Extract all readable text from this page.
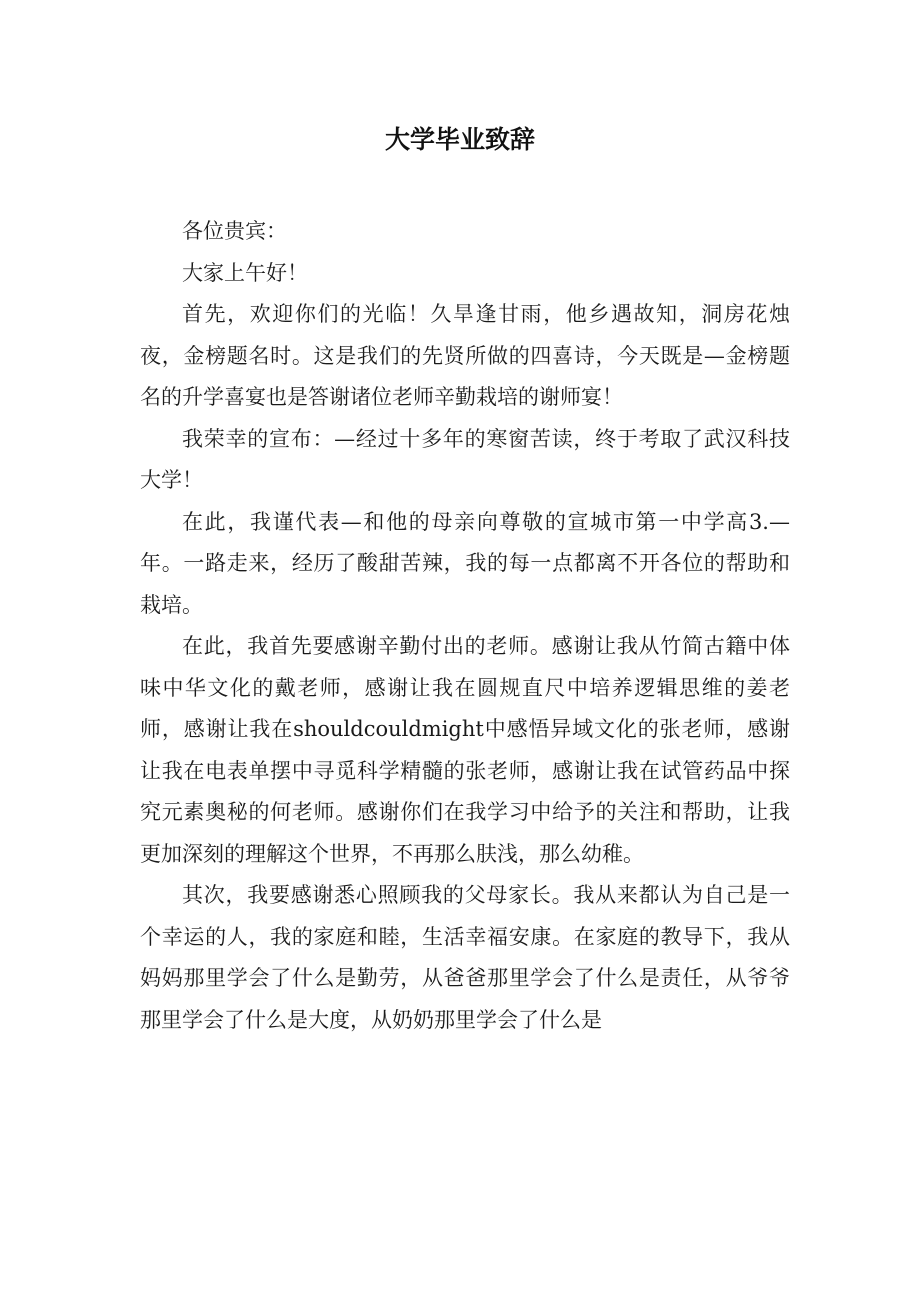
大学毕业致辞

各位贵宾：

大家上午好！

首先，欢迎你们的光临！久旱逢甘雨，他乡遇故知，洞房花烛夜，金榜题名时。这是我们的先贤所做的四喜诗，今天既是—金榜题名的升学喜宴也是答谢诸位老师辛勤栽培的谢师宴！

我荣幸的宣布：—经过十多年的寒窗苦读，终于考取了武汉科技大学！

在此，我谨代表—和他的母亲向尊敬的宣城市第一中学高3.—年。一路走来，经历了酸甜苦辣，我的每一点都离不开各位的帮助和栽培。

在此，我首先要感谢辛勤付出的老师。感谢让我从竹简古籍中体味中华文化的戴老师，感谢让我在圆规直尺中培养逻辑思维的姜老师，感谢让我在shouldcouldmight中感悟异域文化的张老师，感谢让我在电表单摆中寻觅科学精髓的张老师，感谢让我在试管药品中探究元素奥秘的何老师。感谢你们在我学习中给予的关注和帮助，让我更加深刻的理解这个世界，不再那么肤浅，那么幼稚。

其次，我要感谢悉心照顾我的父母家长。我从来都认为自己是一个幸运的人，我的家庭和睦，生活幸福安康。在家庭的教导下，我从妈妈那里学会了什么是勤劳，从爸爸那里学会了什么是责任，从爷爷那里学会了什么是大度，从奶奶那里学会了什么是
